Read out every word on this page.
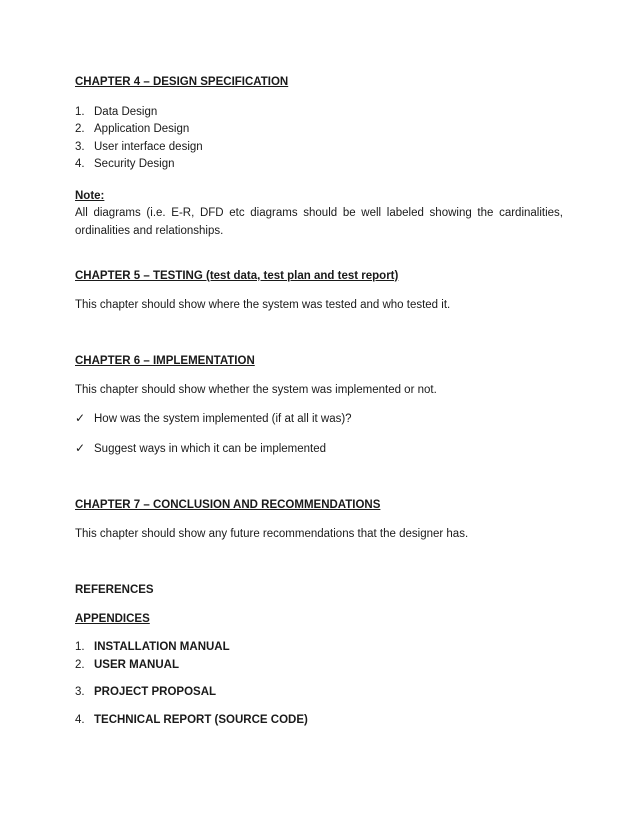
CHAPTER 4 – DESIGN SPECIFICATION

1. Data Design
2. Application Design
3. User interface design
4. Security Design

Note:

All diagrams (i.e. E-R, DFD etc diagrams should be well labeled showing the cardinalities, ordinalities and relationships.

CHAPTER 5 – TESTING (test data, test plan and test report)

This chapter should show where the system was tested and who tested it.

CHAPTER 6 – IMPLEMENTATION

This chapter should show whether the system was implemented or not.

✓ How was the system implemented (if at all it was)?
✓ Suggest ways in which it can be implemented

CHAPTER 7 – CONCLUSION AND RECOMMENDATIONS

This chapter should show any future recommendations that the designer has.

REFERENCES

APPENDICES

1. INSTALLATION MANUAL
2. USER MANUAL
3. PROJECT PROPOSAL
4. TECHNICAL REPORT (SOURCE CODE)
